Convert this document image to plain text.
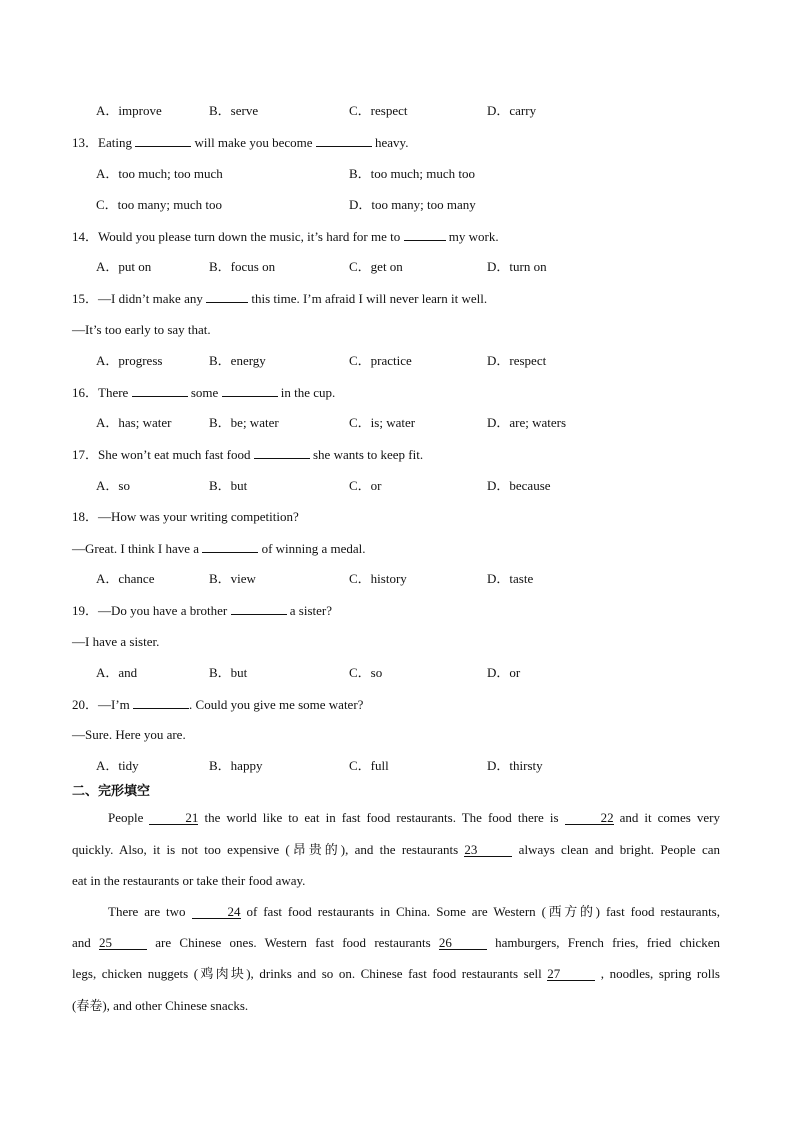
A．improve	B．serve	C．respect	D．carry
13．Eating	will make you become	heavy.
A．too much; too much	B．too much; much too
C．too many; much too	D．too many; too many
14．Would you please turn down the music, it’s hard for me to	my work.
A．put on	B．focus on	C．get on	D．turn on
15．—I didn’t make any	this time. I’m afraid I will never learn it well.
—It’s too early to say that.
A．progress	B．energy	C．practice	D．respect
16．There	some	in the cup.
A．has; water	B．be; water	C．is; water	D．are; waters
17．She won’t eat much fast food	she wants to keep fit.
A．so	B．but	C．or	D．because
18．—How was your writing competition?
—Great. I think I have a	of winning a medal.
A．chance	B．view	C．history	D．taste
19．—Do you have a brother	a sister?
—I have a sister.
A．and	B．but	C．so	D．or
20．—I’m	. Could you give me some water?
—Sure. Here you are.
A．tidy	B．happy	C．full	D．thirsty
二、完形填空
People	21 the world like to eat in fast food restaurants. The food there is	22 and it comes very
quickly. Also, it is not too expensive (昂贵的), and the restaurants 23	always clean and bright. People can
eat in the restaurants or take their food away.
There are two	24 of fast food restaurants in China. Some are Western (西方的) fast food restaurants,
and 25	are Chinese ones. Western fast food restaurants 26	hamburgers, French fries, fried chicken
legs, chicken nuggets (鸡肉块), drinks and so on. Chinese fast food restaurants sell 27	, noodles, spring rolls
(春卷), and other Chinese snacks.
